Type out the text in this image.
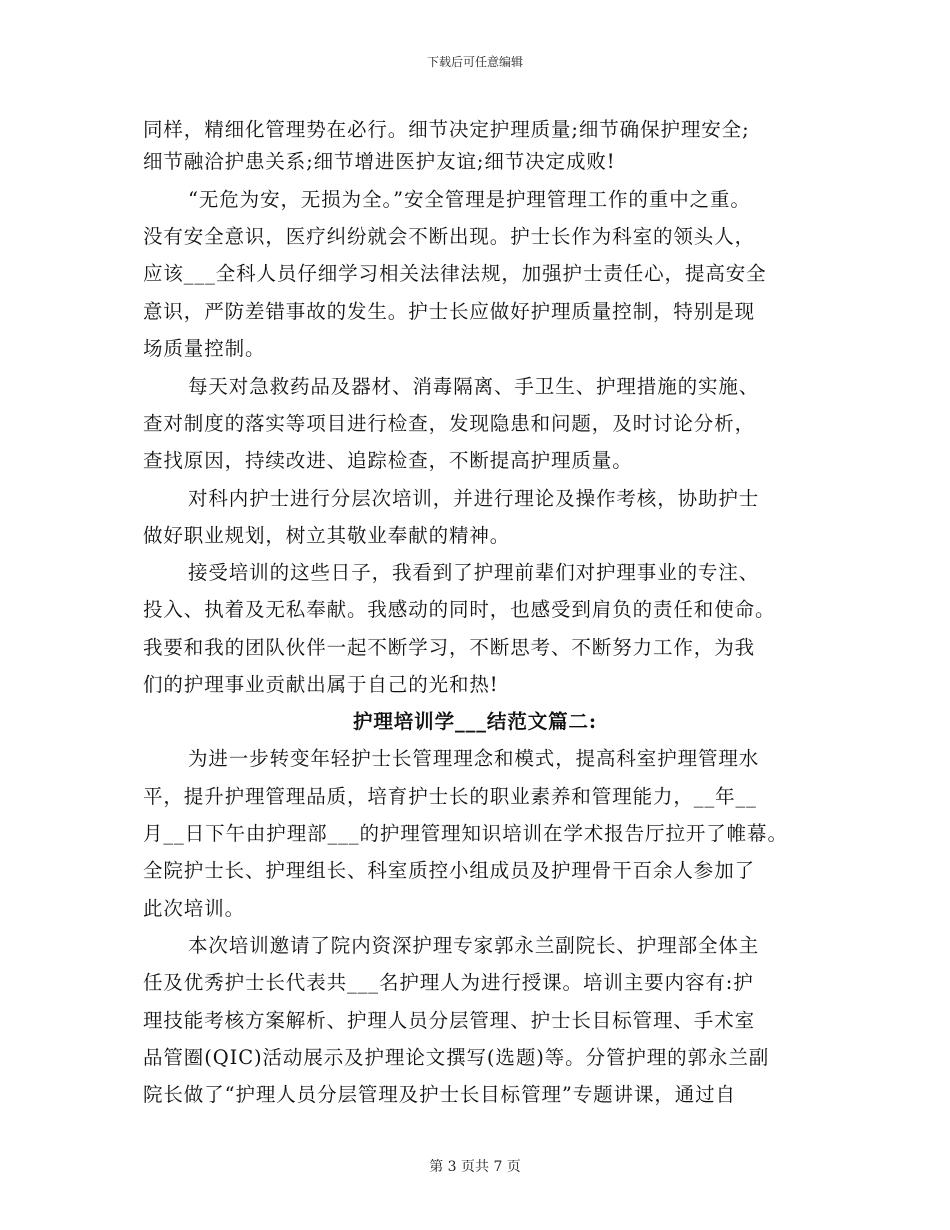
下载后可任意编辑
同样，精细化管理势在必行。细节决定护理质量;细节确保护理安全;
细节融洽护患关系;细节增进医护友谊;细节决定成败!
“无危为安，无损为全。”安全管理是护理管理工作的重中之重。
没有安全意识，医疗纠纷就会不断出现。护士长作为科室的领头人，
应该___全科人员仔细学习相关法律法规，加强护士责任心，提高安全
意识，严防差错事故的发生。护士长应做好护理质量控制，特别是现
场质量控制。
每天对急救药品及器材、消毒隔离、手卫生、护理措施的实施、
查对制度的落实等项目进行检查，发现隐患和问题，及时讨论分析，
查找原因，持续改进、追踪检查，不断提高护理质量。
对科内护士进行分层次培训，并进行理论及操作考核，协助护士
做好职业规划，树立其敬业奉献的精神。
接受培训的这些日子，我看到了护理前辈们对护理事业的专注、
投入、执着及无私奉献。我感动的同时，也感受到肩负的责任和使命。
我要和我的团队伙伴一起不断学习，不断思考、不断努力工作，为我
们的护理事业贡献出属于自己的光和热!
护理培训学___结范文篇二:
为进一步转变年轻护士长管理理念和模式，提高科室护理管理水
平，提升护理管理品质，培育护士长的职业素养和管理能力，__年__
月__日下午由护理部___的护理管理知识培训在学术报告厅拉开了帷幕。
全院护士长、护理组长、科室质控小组成员及护理骨干百余人参加了
此次培训。
本次培训邀请了院内资深护理专家郭永兰副院长、护理部全体主
任及优秀护士长代表共___名护理人为进行授课。培训主要内容有:护
理技能考核方案解析、护理人员分层管理、护士长目标管理、手术室
品管圈(QIC)活动展示及护理论文撰写(选题)等。分管护理的郭永兰副
院长做了“护理人员分层管理及护士长目标管理”专题讲课，通过自
第 3 页共 7 页
